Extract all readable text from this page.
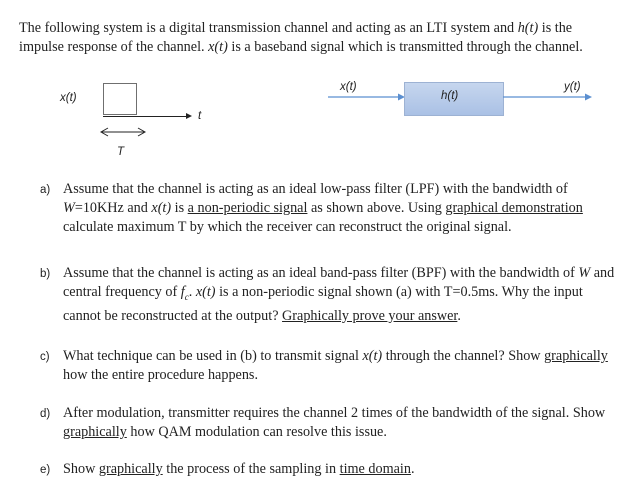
The following system is a digital transmission channel and acting as an LTI system and h(t) is the impulse response of the channel. x(t) is a baseband signal which is transmitted through the channel.
x(t)
t
T
x(t)
h(t)
y(t)
a) Assume that the channel is acting as an ideal low-pass filter (LPF) with the bandwidth of W=10KHz and x(t) is a non-periodic signal as shown above. Using graphical demonstration calculate maximum T by which the receiver can reconstruct the original signal.
b) Assume that the channel is acting as an ideal band-pass filter (BPF) with the bandwidth of W and central frequency of $f_c$. x(t) is a non-periodic signal shown (a) with T=0.5ms. Why the input cannot be reconstructed at the output? Graphically prove your answer.
c) What technique can be used in (b) to transmit signal x(t) through the channel? Show graphically how the entire procedure happens.
d) After modulation, transmitter requires the channel 2 times of the bandwidth of the signal. Show graphically how QAM modulation can resolve this issue.
e) Show graphically the process of the sampling in time domain.
